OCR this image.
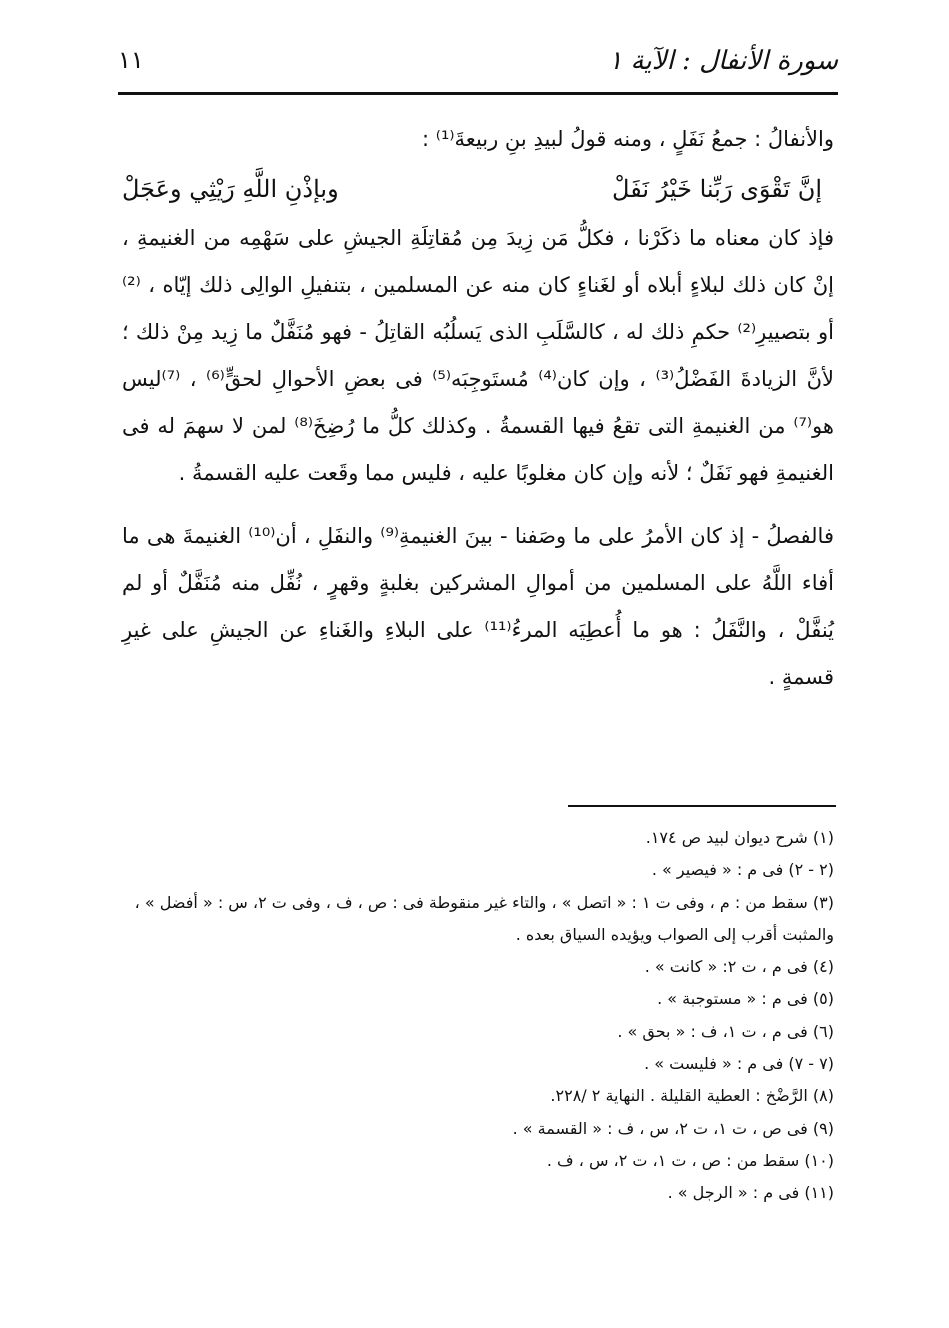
سورة الأنفال : الآية ١
١١

والأنفالُ : جمعُ نَفَلٍ ، ومنه قولُ لبيدِ بنِ ربيعةَ⁽¹⁾ :

إنَّ تَقْوَى رَبِّنا خَيْرُ نَفَلْ
وبإذْنِ اللَّهِ رَيْثِي وعَجَلْ

فإذ كان معناه ما ذكَرْنا ، فكلُّ مَن زِيدَ مِن مُقاتِلَةِ الجيشِ على سَهْمِه من الغنيمةِ ، إنْ كان ذلك لبلاءٍ أبلاه أو لغَناءٍ كان منه عن المسلمين ، بتنفيلِ الوالِى ذلك إيّاه ، ⁽²⁾أو بتصييرِ⁽²⁾ حكمِ ذلك له ، كالسَّلَبِ الذى يَسلُبُه القاتِلُ - فهو مُنَفَّلٌ ما زِيد مِنْ ذلك ؛ لأنَّ الزيادةَ الفَضْلُ⁽³⁾ ، وإن كان⁽⁴⁾ مُستَوجِبَه⁽⁵⁾ فى بعضِ الأحوالِ لحقٍّ⁽⁶⁾ ، ⁽⁷⁾ليس هو⁽⁷⁾ من الغنيمةِ التى تقعُ فيها القسمةُ . وكذلك كلُّ ما رُضِخَ⁽⁸⁾ لمن لا سهمَ له فى الغنيمةِ فهو نَفَلٌ ؛ لأنه وإن كان مغلوبًا عليه ، فليس مما وقَعت عليه القسمةُ .

فالفصلُ - إذ كان الأمرُ على ما وصَفنا - بينَ الغنيمةِ⁽⁹⁾ والنفَلِ ، أن⁽¹⁰⁾ الغنيمةَ هى ما أفاء اللَّهُ على المسلمين من أموالِ المشركين بغلبةٍ وقهرٍ ، نُفِّل منه مُنَفَّلٌ أو لم يُنفَّلْ ، والنَّفَلُ : هو ما أُعطِيَه المرءُ⁽¹¹⁾ على البلاءِ والغَناءِ عن الجيشِ على غيرِ قسمةٍ .

(١) شرح ديوان لبيد ص ١٧٤.

(٢ - ٢) فى م : « فيصير » .

(٣) سقط من : م ، وفى ت ١ : « اتصل » ، والتاء غير منقوطة فى : ص ، ف ، وفى ت ٢، س : « أفضل » ، والمثبت أقرب إلى الصواب ويؤيده السياق بعده .

(٤) فى م ، ت ٢: « كانت » .

(٥) فى م : « مستوجبة » .

(٦) فى م ، ت ١، ف : « بحق » .

(٧ - ٧) فى م : « فليست » .

(٨) الرَّضْخ : العطية القليلة . النهاية ٢ /٢٢٨.

(٩) فى ص ، ت ١، ت ٢، س ، ف : « القسمة » .

(١٠) سقط من : ص ، ت ١، ت ٢، س ، ف .

(١١) فى م : « الرجل » .
